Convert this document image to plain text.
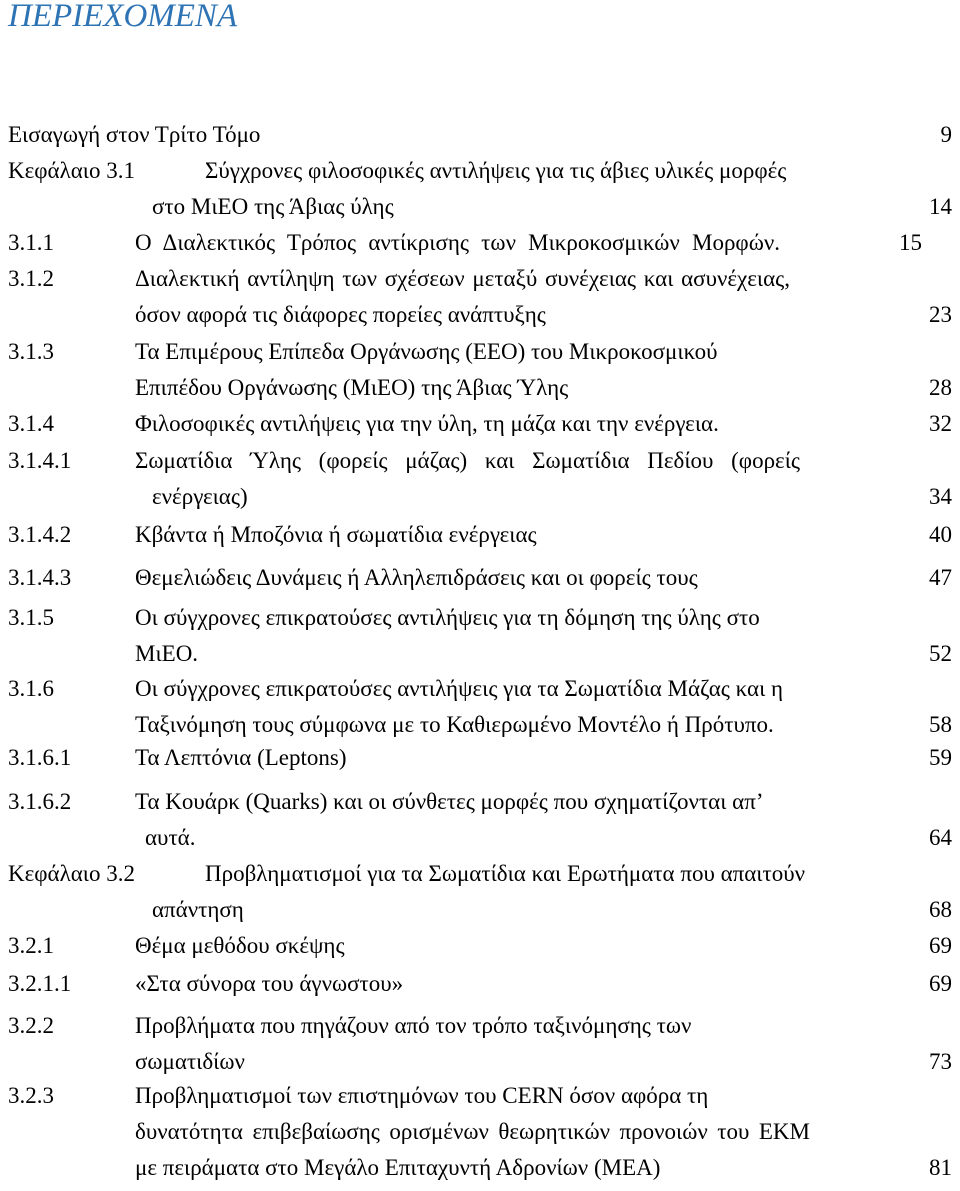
ΠΕΡΙΕΧΟΜΕΝΑ
Εισαγωγή στον Τρίτο Τόμο	9
Κεφάλαιο 3.1	Σύγχρονες φιλοσοφικές αντιλήψεις για τις άβιες υλικές μορφές
στο ΜιΕΟ της Άβιας ύλης	14
3.1.1	Ο Διαλεκτικός Τρόπος αντίκρισης των Μικροκοσμικών Μορφών.	15
3.1.2	Διαλεκτική αντίληψη των σχέσεων μεταξύ συνέχειας και ασυνέχειας,
όσον αφορά τις διάφορες πορείες ανάπτυξης	23
3.1.3	Τα Επιμέρους Επίπεδα Οργάνωσης (ΕΕΟ) του Μικροκοσμικού
Επιπέδου Οργάνωσης (ΜιΕΟ) της Άβιας Ύλης	28
3.1.4	Φιλοσοφικές αντιλήψεις για την ύλη, τη μάζα και την ενέργεια.	32
3.1.4.1	Σωματίδια Ύλης (φορείς μάζας) και Σωματίδια Πεδίου (φορείς
ενέργειας)	34
3.1.4.2	Κβάντα ή Μποζόνια ή σωματίδια ενέργειας	40
3.1.4.3	Θεμελιώδεις Δυνάμεις ή Αλληλεπιδράσεις και οι φορείς τους	47
3.1.5	Οι σύγχρονες επικρατούσες αντιλήψεις για τη δόμηση της ύλης στο
ΜιΕΟ.	52
3.1.6	Οι σύγχρονες επικρατούσες αντιλήψεις για τα Σωματίδια Μάζας και η
Ταξινόμηση τους σύμφωνα με το Καθιερωμένο Μοντέλο ή Πρότυπο.	58
3.1.6.1	Τα Λεπτόνια (Leptons)	59
3.1.6.2	Τα Κουάρκ (Quarks) και οι σύνθετες μορφές που σχηματίζονται απ’
αυτά.	64
Κεφάλαιο 3.2	Προβληματισμοί για τα Σωματίδια και Ερωτήματα που απαιτούν
απάντηση	68
3.2.1	Θέμα μεθόδου σκέψης	69
3.2.1.1	«Στα σύνορα του άγνωστου»	69
3.2.2	Προβλήματα που πηγάζουν από τον τρόπο ταξινόμησης των
σωματιδίων	73
3.2.3	Προβληματισμοί των επιστημόνων του CERN όσον αφόρα τη
δυνατότητα επιβεβαίωσης ορισμένων θεωρητικών προνοιών του ΕΚΜ
με πειράματα στο Μεγάλο Επιταχυντή Αδρονίων (ΜΕΑ)	81
